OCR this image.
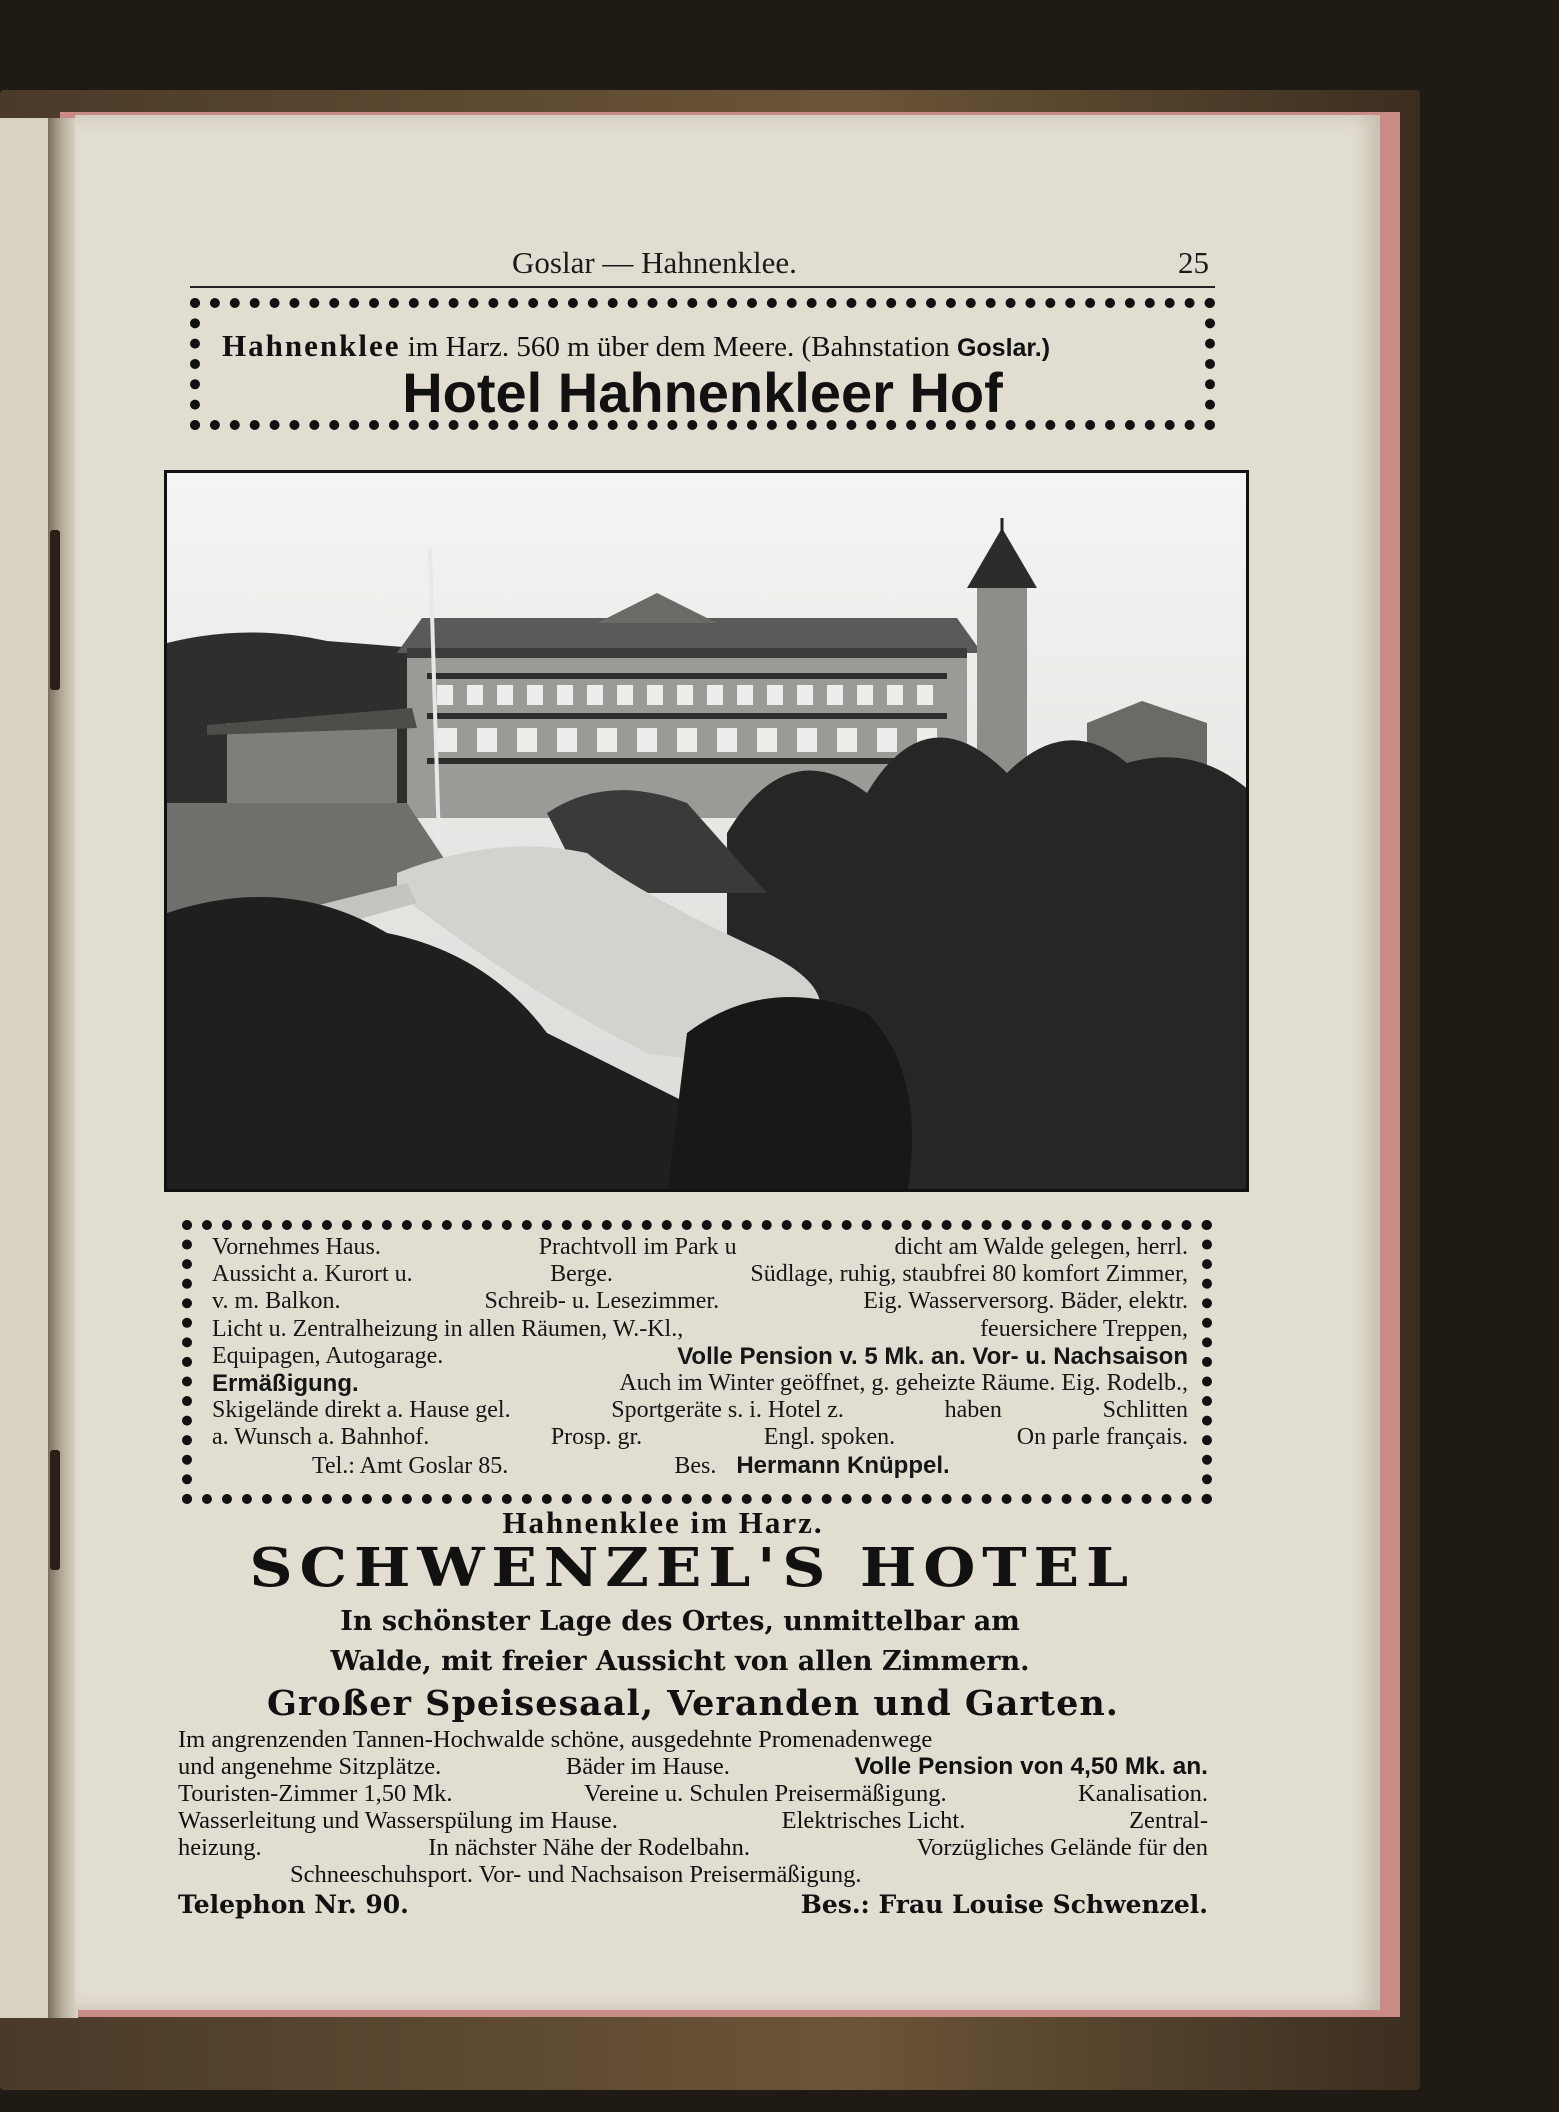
Goslar — Hahnenklee.	25
Hahnenklee im Harz. 560 m über dem Meere. (Bahnstation Goslar.)
Hotel Hahnenkleer Hof
Vornehmes Haus.	Prachtvoll im Park u	dicht am Walde gelegen, herrl.
Aussicht a. Kurort u.	Berge.	Südlage, ruhig, staubfrei 80 komfort Zimmer,
v. m. Balkon.	Schreib- u. Lesezimmer.	Eig. Wasserversorg. Bäder, elektr.
Licht u. Zentralheizung in allen Räumen, W.-Kl.,	feuersichere Treppen,
Equipagen, Autogarage.	Volle Pension v. 5 Mk. an. Vor- u. Nachsaison
Ermäßigung.	Auch im Winter geöffnet, g. geheizte Räume. Eig. Rodelb.,
Skigelände direkt a. Hause gel.	Sportgeräte s. i. Hotel z.	haben	Schlitten
a. Wunsch a. Bahnhof.	Prosp. gr.	Engl. spoken.	On parle français.
Tel.: Amt Goslar 85.	Bes. Hermann Knüppel.
Hahnenklee im Harz.
SCHWENZEL'S HOTEL
In schönster Lage des Ortes, unmittelbar am
Walde, mit freier Aussicht von allen Zimmern.
Großer Speisesaal, Veranden und Garten.
Im angrenzenden Tannen-Hochwalde schöne, ausgedehnte Promenadenwege
und angenehme Sitzplätze.	Bäder im Hause.	Volle Pension von 4,50 Mk. an.
Touristen-Zimmer 1,50 Mk.	Vereine u. Schulen Preisermäßigung.	Kanalisation.
Wasserleitung und Wasserspülung im Hause.	Elektrisches Licht.	Zentral-
heizung.	In nächster Nähe der Rodelbahn.	Vorzügliches Gelände für den
Schneeschuhsport. Vor- und Nachsaison Preisermäßigung.
Telephon Nr. 90.	Bes.: Frau Louise Schwenzel.
